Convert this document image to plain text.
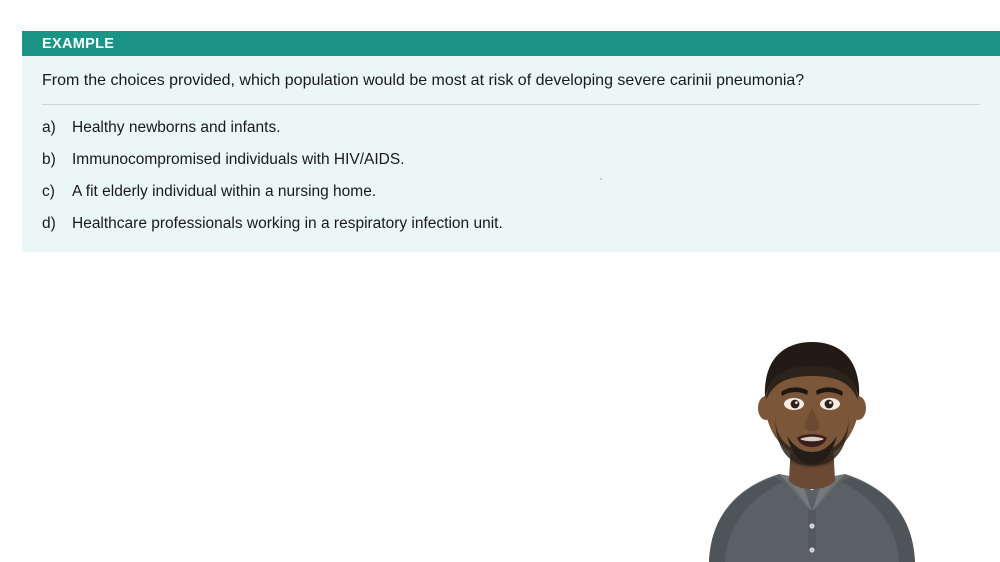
EXAMPLE
From the choices provided, which population would be most at risk of developing severe carinii pneumonia?
a)	Healthy newborns and infants.
b)	Immunocompromised individuals with HIV/AIDS.
c)	A fit elderly individual within a nursing home.
d)	Healthcare professionals working in a respiratory infection unit.
